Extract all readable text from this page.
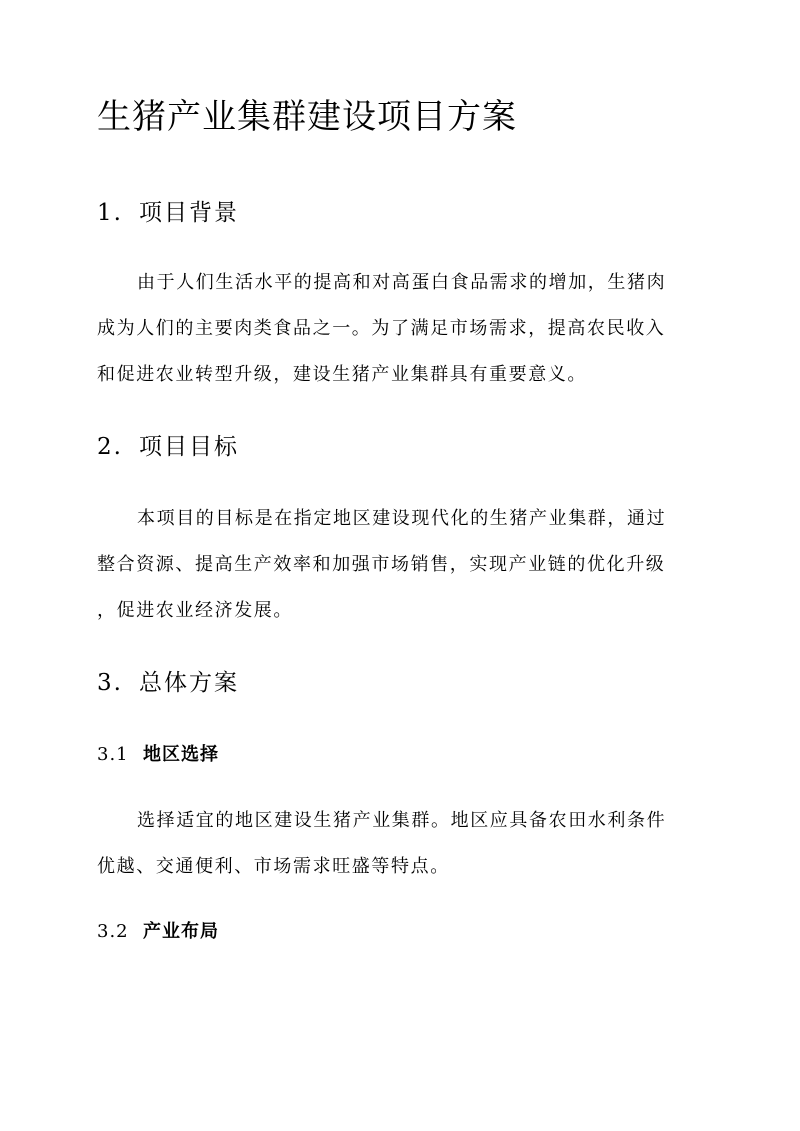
生猪产业集群建设项目方案
1. 项目背景
由于人们生活水平的提高和对高蛋白食品需求的增加，生猪肉
成为人们的主要肉类食品之一。为了满足市场需求，提高农民收入
和促进农业转型升级，建设生猪产业集群具有重要意义。
2. 项目目标
本项目的目标是在指定地区建设现代化的生猪产业集群，通过
整合资源、提高生产效率和加强市场销售，实现产业链的优化升级
，促进农业经济发展。
3. 总体方案
3.1 地区选择
选择适宜的地区建设生猪产业集群。地区应具备农田水利条件
优越、交通便利、市场需求旺盛等特点。
3.2 产业布局
